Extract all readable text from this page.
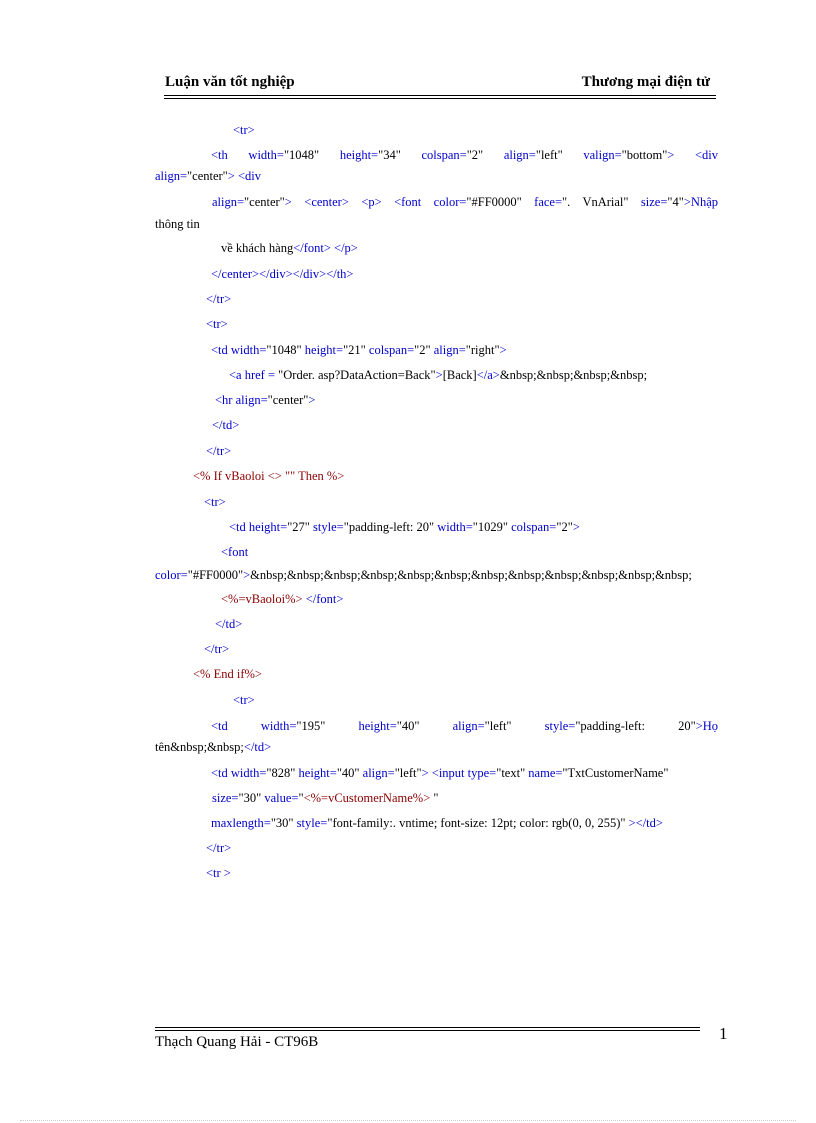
Luận văn tốt nghiệp	Thương mại điện tử
<tr>
<th width="1048" height="34" colspan="2" align="left" valign="bottom"> <div
align="center"> <div
align="center"> <center> <p> <font color="#FF0000" face=". VnArial" size="4">Nhập
thông tin
về khách hàng</font> </p>
</center></div></div></th>
</tr>
<tr>
<td width="1048" height="21" colspan="2" align="right">
<a href = "Order. asp?DataAction=Back">[Back]</a>&nbsp;&nbsp;&nbsp;&nbsp;
<hr align="center">
</td>
</tr>
<% If vBaoloi <> "" Then %>
<tr>
<td height="27" style="padding-left: 20" width="1029" colspan="2">
<font
color="#FF0000">&nbsp;&nbsp;&nbsp;&nbsp;&nbsp;&nbsp;&nbsp;&nbsp;&nbsp;&nbsp;&nbsp;&nbsp;
<%=vBaoloi%> </font>
</td>
</tr>
<% End if%>
<tr>
<td	width="195"	height="40"	align="left"	style="padding-left:	20">Họ
tên&nbsp;&nbsp;</td>
<td width="828" height="40" align="left"> <input type="text" name="TxtCustomerName"
size="30" value="<%=vCustomerName%> "
maxlength="30" style="font-family:. vntime; font-size: 12pt; color: rgb(0, 0, 255)" ></td>
</tr>
<tr >
Thạch Quang Hải - CT96B	1
